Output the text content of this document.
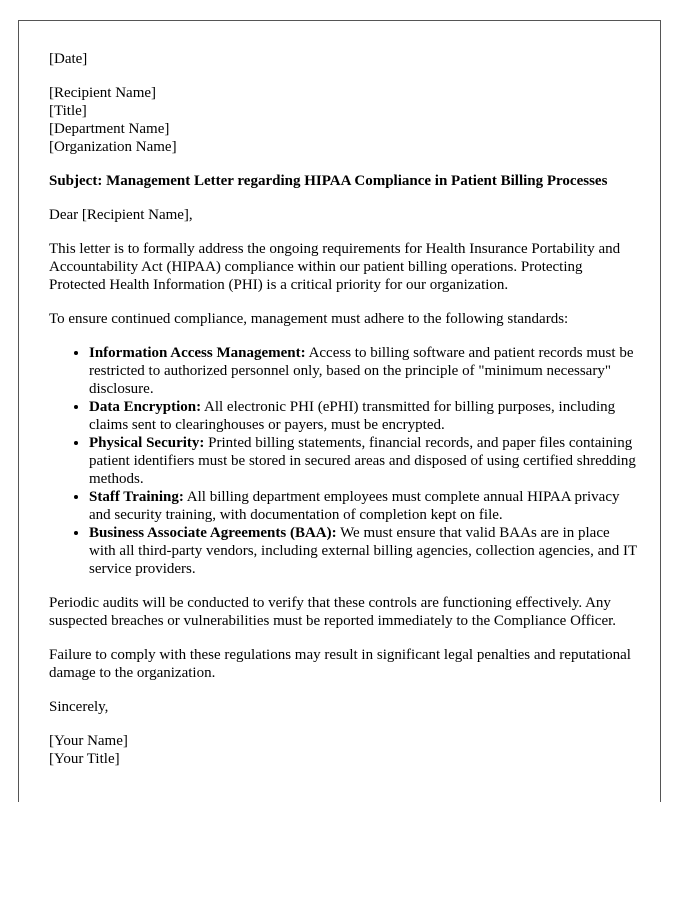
[Date]

[Recipient Name]
[Title]
[Department Name]
[Organization Name]

Subject: Management Letter regarding HIPAA Compliance in Patient Billing Processes

Dear [Recipient Name],

This letter is to formally address the ongoing requirements for Health Insurance Portability and Accountability Act (HIPAA) compliance within our patient billing operations. Protecting Protected Health Information (PHI) is a critical priority for our organization.

To ensure continued compliance, management must adhere to the following standards:

• Information Access Management: Access to billing software and patient records must be restricted to authorized personnel only, based on the principle of "minimum necessary" disclosure.
• Data Encryption: All electronic PHI (ePHI) transmitted for billing purposes, including claims sent to clearinghouses or payers, must be encrypted.
• Physical Security: Printed billing statements, financial records, and paper files containing patient identifiers must be stored in secured areas and disposed of using certified shredding methods.
• Staff Training: All billing department employees must complete annual HIPAA privacy and security training, with documentation of completion kept on file.
• Business Associate Agreements (BAA): We must ensure that valid BAAs are in place with all third-party vendors, including external billing agencies, collection agencies, and IT service providers.

Periodic audits will be conducted to verify that these controls are functioning effectively. Any suspected breaches or vulnerabilities must be reported immediately to the Compliance Officer.

Failure to comply with these regulations may result in significant legal penalties and reputational damage to the organization.

Sincerely,

[Your Name]
[Your Title]
